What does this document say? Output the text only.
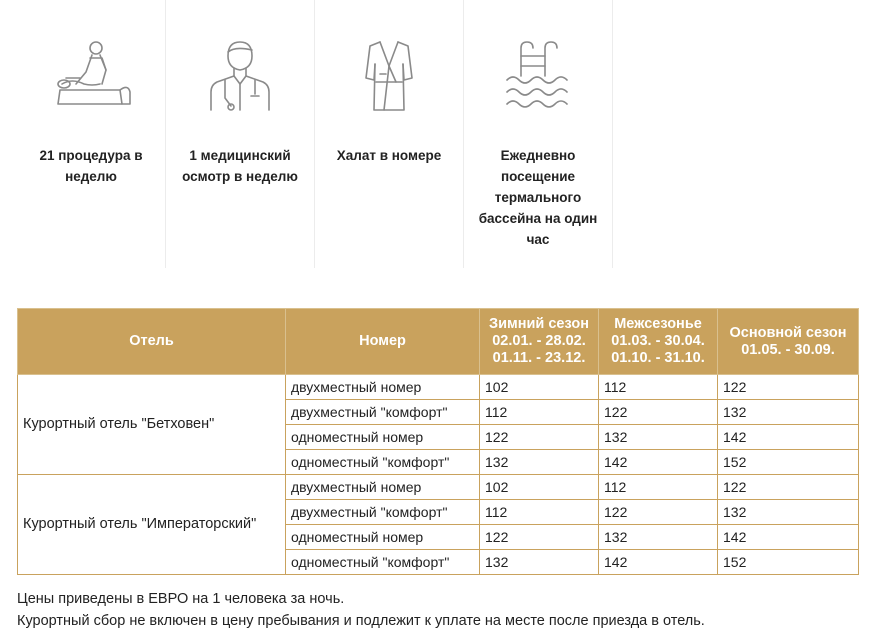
21 процедура в неделю
1 медицинский осмотр в неделю
Халат в номере	Ежедневно посещение термального бассейна на один час
Отель	Номер	Зимний сезон
02.01. - 28.02.
01.11. - 23.12.	Межсезонье
01.03. - 30.04.
01.10. - 31.10.	Основной сезон
01.05. - 30.09.
Курортный отель "Бетховен"	двухместный номер	102	112	122
	двухместный "комфорт"	112	122	132
	одноместный номер	122	132	142
	одноместный "комфорт"	132	142	152
Курортный отель "Императорский"	двухместный номер	102	112	122
	двухместный "комфорт"	112	122	132
	одноместный номер	122	132	142
	одноместный "комфорт"	132	142	152
Цены приведены в ЕВРО на 1 человека за ночь.
Курортный сбор не включен в цену пребывания и подлежит к уплате на месте после приезда в отель.
